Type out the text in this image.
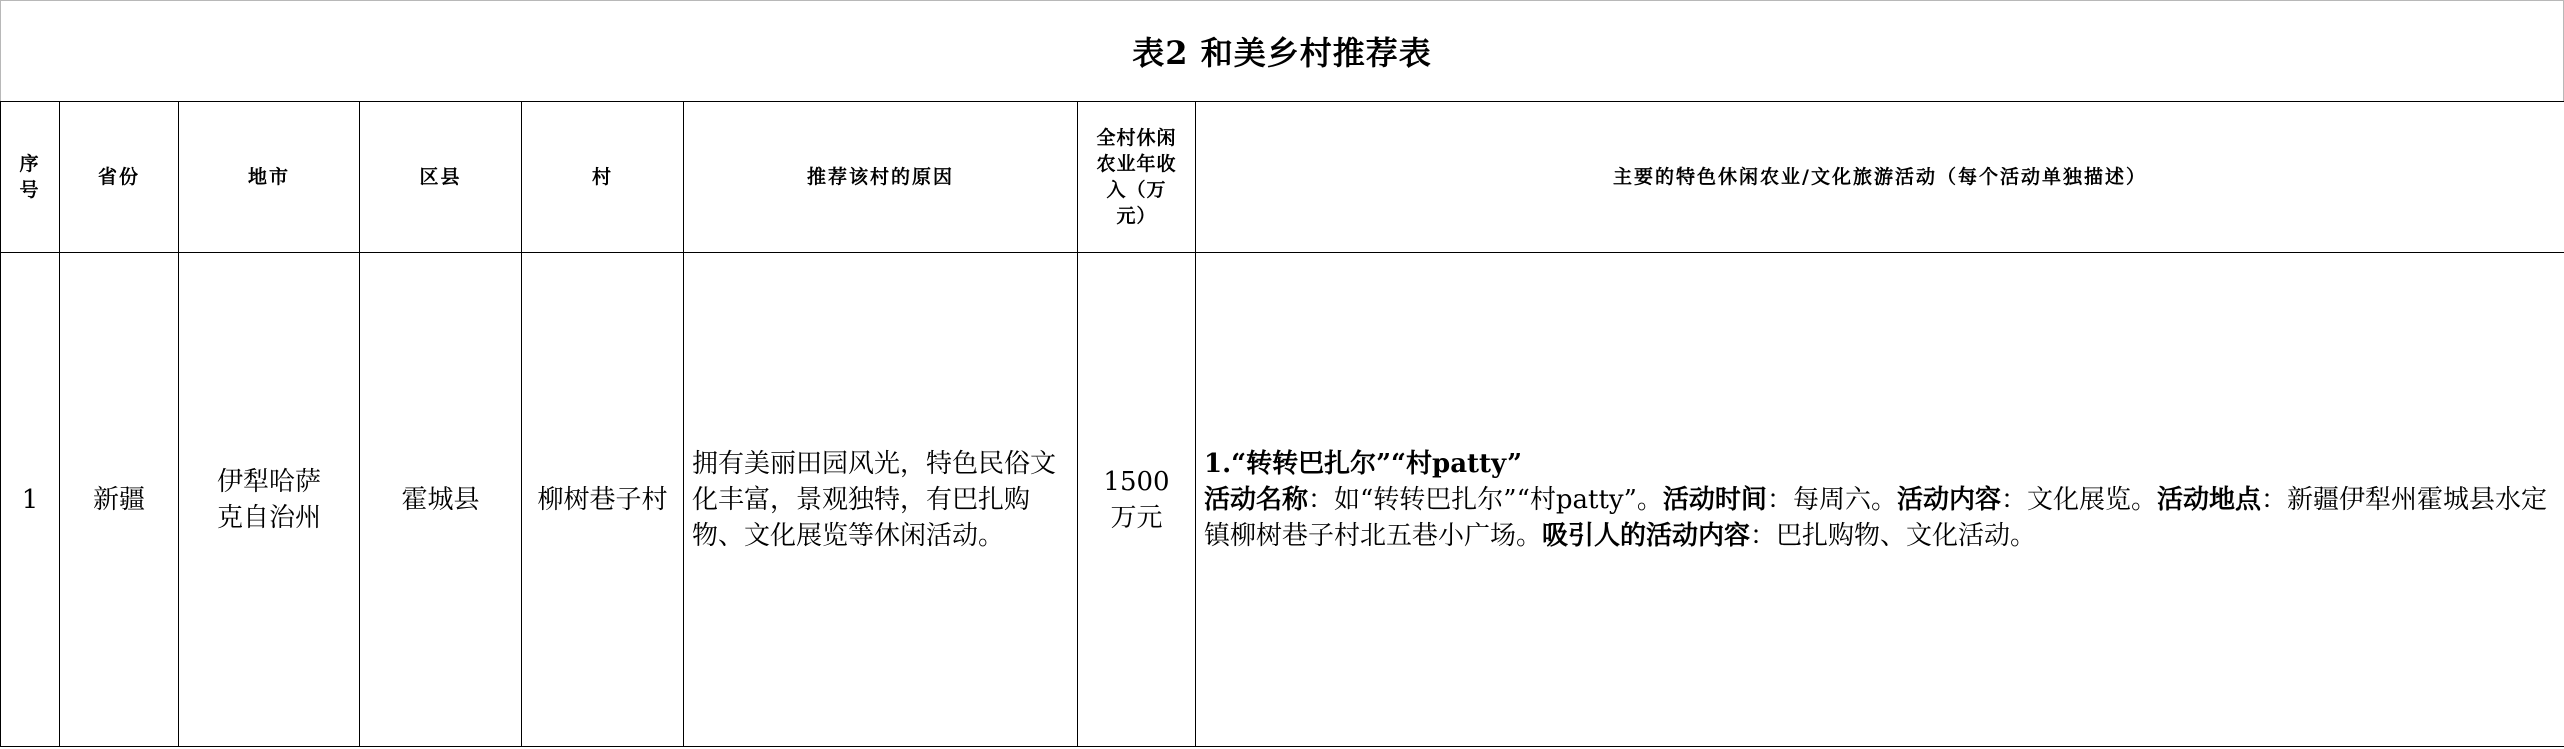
表2 和美乡村推荐表
序号	省份	地市	区县	村	推荐该村的原因	全村休闲农业年收入（万元）	主要的特色休闲农业/文化旅游活动（每个活动单独描述）
1	新疆	伊犁哈萨克自治州	霍城县	柳树巷子村	拥有美丽田园风光，特色民俗文化丰富，景观独特，有巴扎购物、文化展览等休闲活动。	1500万元	1.“转转巴扎尔”“村patty”
活动名称：如“转转巴扎尔”“村patty”。活动时间：每周六。活动内容：文化展览。活动地点：新疆伊犁州霍城县水定镇柳树巷子村北五巷小广场。吸引人的活动内容：巴扎购物、文化活动。
